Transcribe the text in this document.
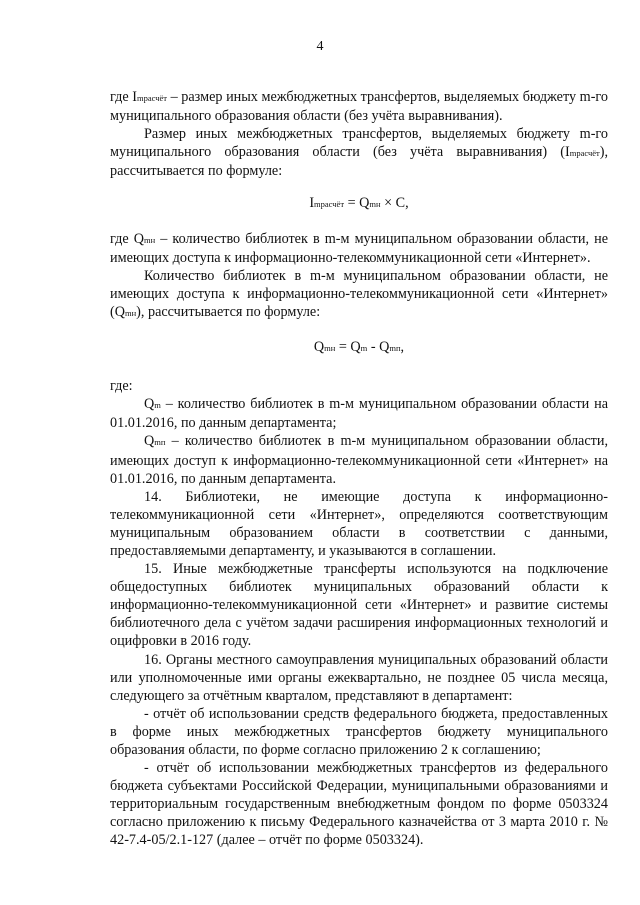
4

где Imрасчёт – размер иных межбюджетных трансфертов, выделяемых бюджету m-го муниципального образования области (без учёта выравнивания).

Размер иных межбюджетных трансфертов, выделяемых бюджету m-го муниципального образования области (без учёта выравнивания) (Imрасчёт), рассчитывается по формуле:

Imрасчёт = Qmн × C,

где Qmн – количество библиотек в m-м муниципальном образовании области, не имеющих доступа к информационно-телекоммуникационной сети «Интернет».

Количество библиотек в m-м муниципальном образовании области, не имеющих доступа к информационно-телекоммуникационной сети «Интернет» (Qmн), рассчитывается по формуле:

Qmн = Qm - Qmп,

где:

Qm – количество библиотек в m-м муниципальном образовании области на 01.01.2016, по данным департамента;

Qmп – количество библиотек в m-м муниципальном образовании области, имеющих доступ к информационно-телекоммуникационной сети «Интернет» на 01.01.2016, по данным департамента.

14. Библиотеки, не имеющие доступа к информационно-телекоммуникационной сети «Интернет», определяются соответствующим муниципальным образованием области в соответствии с данными, предоставляемыми департаменту, и указываются в соглашении.

15. Иные межбюджетные трансферты используются на подключение общедоступных библиотек муниципальных образований области к информационно-телекоммуникационной сети «Интернет» и развитие системы библиотечного дела с учётом задачи расширения информационных технологий и оцифровки в 2016 году.

16. Органы местного самоуправления муниципальных образований области или уполномоченные ими органы ежеквартально, не позднее 05 числа месяца, следующего за отчётным кварталом, представляют в департамент:

- отчёт об использовании средств федерального бюджета, предоставленных в форме иных межбюджетных трансфертов бюджету муниципального образования области, по форме согласно приложению 2 к соглашению;

- отчёт об использовании межбюджетных трансфертов из федерального бюджета субъектами Российской Федерации, муниципальными образованиями и территориальным государственным внебюджетным фондом по форме 0503324 согласно приложению к письму Федерального казначейства от 3 марта 2010 г. № 42-7.4-05/2.1-127 (далее – отчёт по форме 0503324).
